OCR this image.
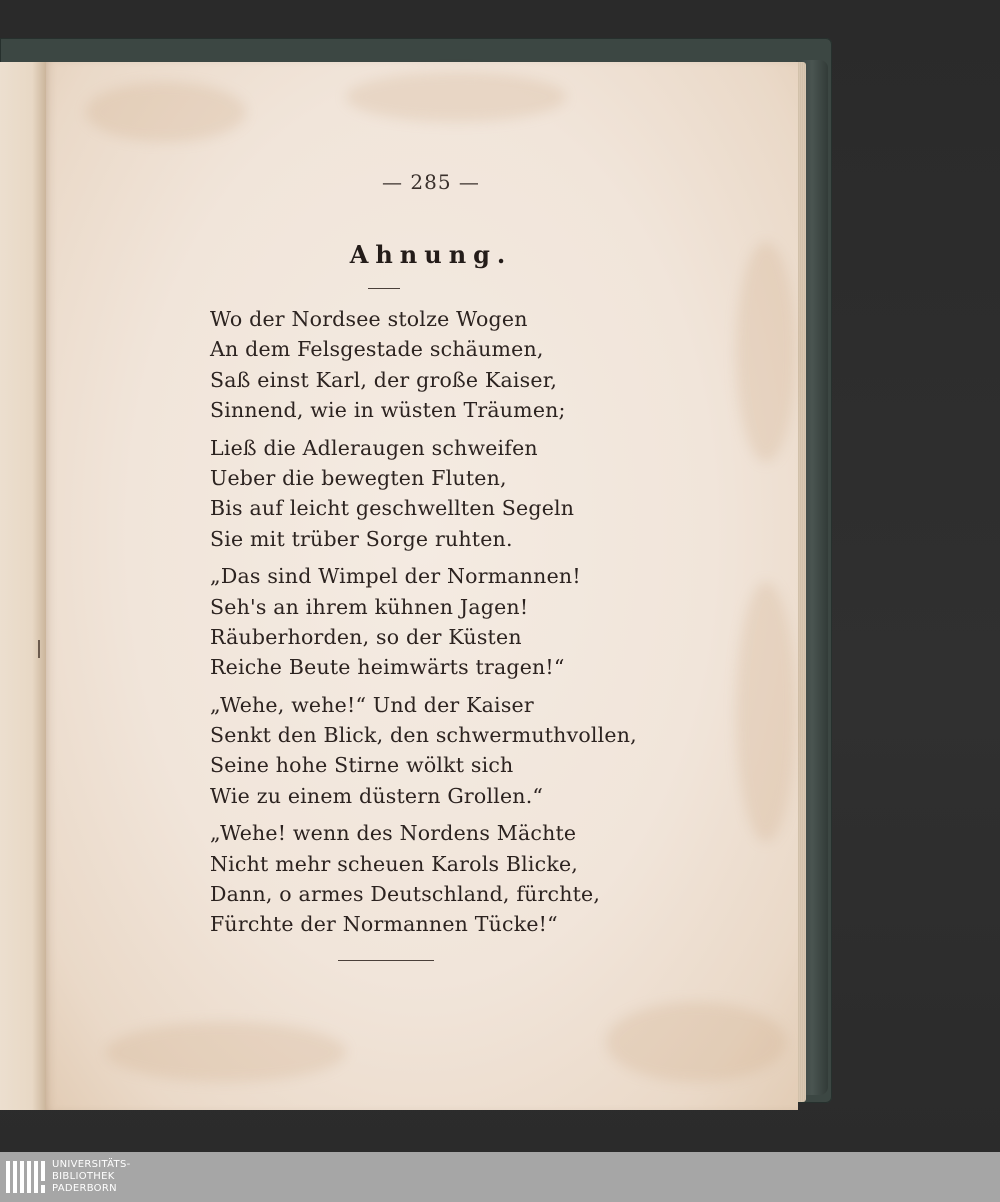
— 285 —
Ahnung.
Wo der Nordsee stolze Wogen
An dem Felsgestade schäumen,
Saß einst Karl, der große Kaiser,
Sinnend, wie in wüsten Träumen;
Ließ die Adleraugen schweifen
Ueber die bewegten Fluten,
Bis auf leicht geschwellten Segeln
Sie mit trüber Sorge ruhten.
„Das sind Wimpel der Normannen!
Seh's an ihrem kühnen Jagen!
Räuberhorden, so der Küsten
Reiche Beute heimwärts tragen!“
„Wehe, wehe!“ Und der Kaiser
Senkt den Blick, den schwermuthvollen,
Seine hohe Stirne wölkt sich
Wie zu einem düstern Grollen.“
„Wehe! wenn des Nordens Mächte
Nicht mehr scheuen Karols Blicke,
Dann, o armes Deutschland, fürchte,
Fürchte der Normannen Tücke!“
UNIVERSITÄTS-
BIBLIOTHEK
PADERBORN
